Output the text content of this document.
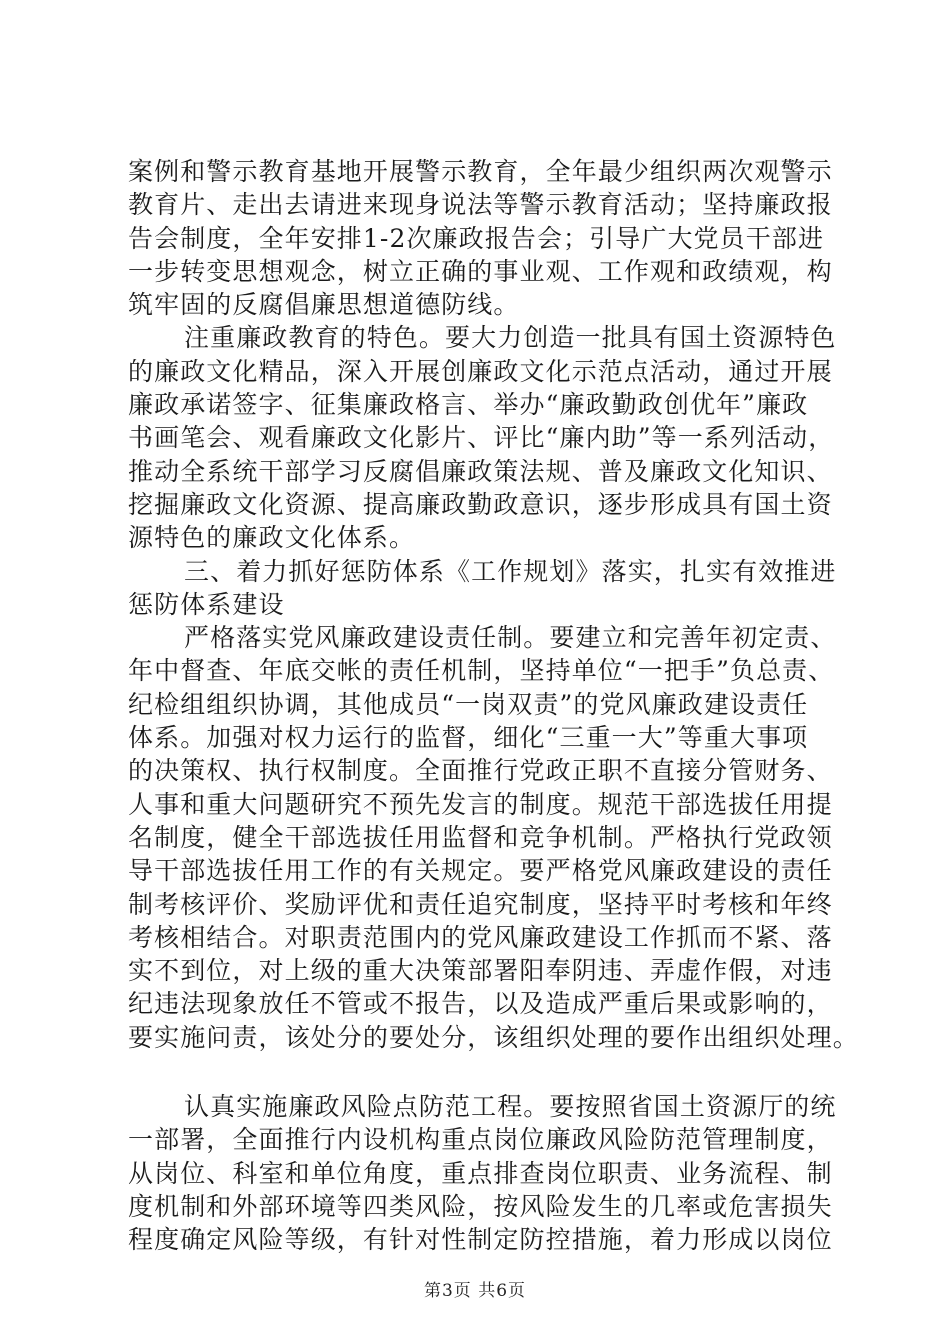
案例和警示教育基地开展警示教育，全年最少组织两次观警示
教育片、走出去请进来现身说法等警示教育活动；坚持廉政报
告会制度，全年安排1-2次廉政报告会；引导广大党员干部进
一步转变思想观念，树立正确的事业观、工作观和政绩观，构
筑牢固的反腐倡廉思想道德防线。
注重廉政教育的特色。要大力创造一批具有国土资源特色
的廉政文化精品，深入开展创廉政文化示范点活动，通过开展
廉政承诺签字、征集廉政格言、举办“廉政勤政创优年”廉政
书画笔会、观看廉政文化影片、评比“廉内助”等一系列活动，
推动全系统干部学习反腐倡廉政策法规、普及廉政文化知识、
挖掘廉政文化资源、提高廉政勤政意识，逐步形成具有国土资
源特色的廉政文化体系。
三、着力抓好惩防体系《工作规划》落实，扎实有效推进
惩防体系建设
严格落实党风廉政建设责任制。要建立和完善年初定责、
年中督查、年底交帐的责任机制，坚持单位“一把手”负总责、
纪检组组织协调，其他成员“一岗双责”的党风廉政建设责任
体系。加强对权力运行的监督，细化“三重一大”等重大事项
的决策权、执行权制度。全面推行党政正职不直接分管财务、
人事和重大问题研究不预先发言的制度。规范干部选拔任用提
名制度，健全干部选拔任用监督和竞争机制。严格执行党政领
导干部选拔任用工作的有关规定。要严格党风廉政建设的责任
制考核评价、奖励评优和责任追究制度，坚持平时考核和年终
考核相结合。对职责范围内的党风廉政建设工作抓而不紧、落
实不到位，对上级的重大决策部署阳奉阴违、弄虚作假，对违
纪违法现象放任不管或不报告，以及造成严重后果或影响的，
要实施问责，该处分的要处分，该组织处理的要作出组织处理。
认真实施廉政风险点防范工程。要按照省国土资源厅的统
一部署，全面推行内设机构重点岗位廉政风险防范管理制度，
从岗位、科室和单位角度，重点排查岗位职责、业务流程、制
度机制和外部环境等四类风险，按风险发生的几率或危害损失
程度确定风险等级，有针对性制定防控措施，着力形成以岗位
第3页 共6页
